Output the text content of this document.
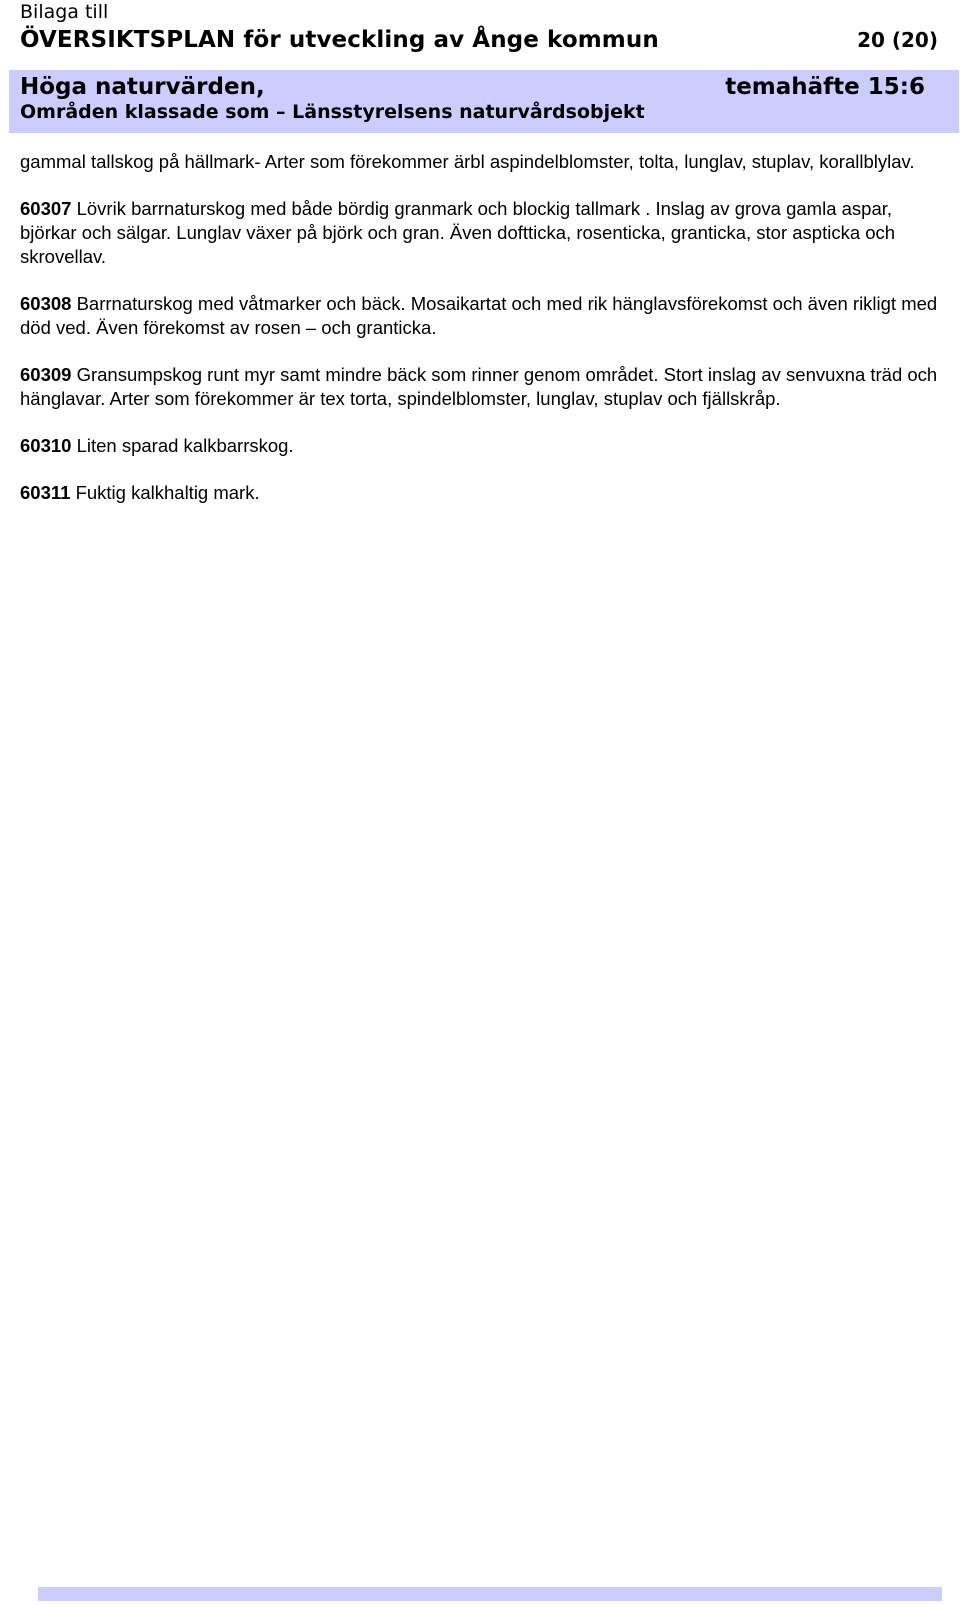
Bilaga till
ÖVERSIKTSPLAN för utveckling av Ånge kommun	20 (20)
Höga naturvärden,	temahäfte 15:6
Områden klassade som – Länsstyrelsens naturvårdsobjekt

gammal tallskog på hällmark- Arter som förekommer ärbl aspindelblomster, tolta, lunglav, stuplav, korallblylav.

60307 Lövrik barrnaturskog med både bördig granmark och blockig tallmark . Inslag av grova gamla aspar, björkar och sälgar. Lunglav växer på björk och gran. Även doftticka, rosenticka, granticka, stor aspticka och skrovellav.

60308 Barrnaturskog med våtmarker och bäck. Mosaikartat och med rik hänglavsförekomst och även rikligt med död ved. Även förekomst av rosen – och granticka.

60309 Gransumpskog runt myr samt mindre bäck som rinner genom området. Stort inslag av senvuxna träd och hänglavar. Arter som förekommer är tex torta, spindelblomster, lunglav, stuplav och fjällskråp.

60310 Liten sparad kalkbarrskog.

60311 Fuktig kalkhaltig mark.
